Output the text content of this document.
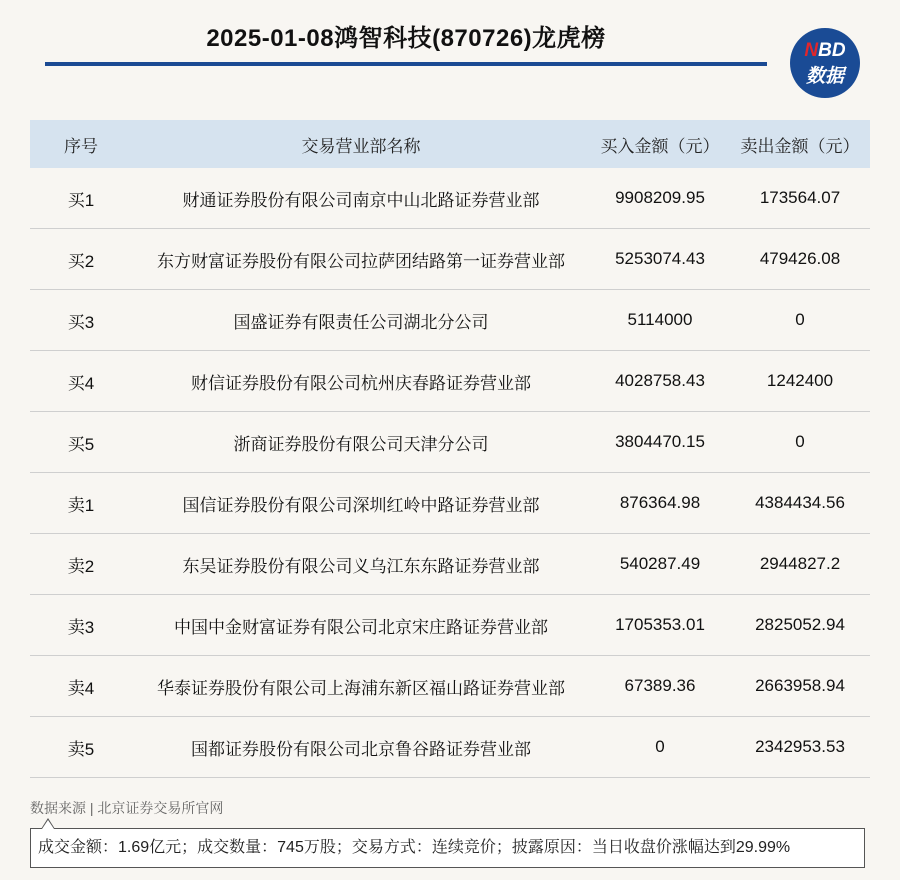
2025-01-08鸿智科技(870726)龙虎榜	NBD
数据
序号	交易营业部名称	买入金额（元）	卖出金额（元）
买1	财通证券股份有限公司南京中山北路证券营业部	9908209.95	173564.07
买2	东方财富证券股份有限公司拉萨团结路第一证券营业部	5253074.43	479426.08
买3	国盛证券有限责任公司湖北分公司	5114000	0
买4	财信证券股份有限公司杭州庆春路证券营业部	4028758.43	1242400
买5	浙商证券股份有限公司天津分公司	3804470.15	0
卖1	国信证券股份有限公司深圳红岭中路证券营业部	876364.98	4384434.56
卖2	东吴证券股份有限公司义乌江东东路证券营业部	540287.49	2944827.2
卖3	中国中金财富证券有限公司北京宋庄路证券营业部	1705353.01	2825052.94
卖4	华泰证券股份有限公司上海浦东新区福山路证券营业部	67389.36	2663958.94
卖5	国都证券股份有限公司北京鲁谷路证券营业部	0	2342953.53
数据来源 | 北京证券交易所官网
成交金额：1.69亿元；成交数量：745万股；交易方式：连续竞价；披露原因：当日收盘价涨幅达到29.99%
